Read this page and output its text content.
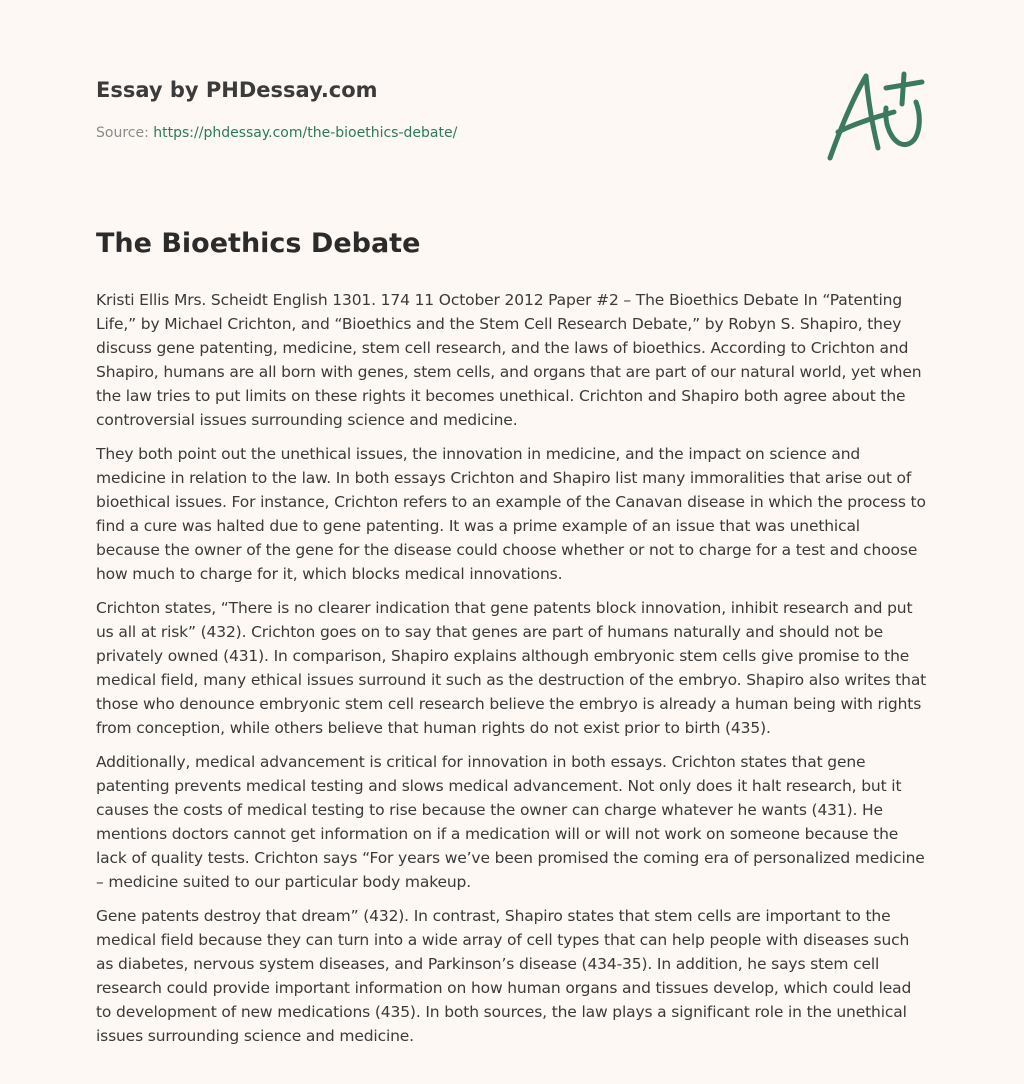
Essay by PHDessay.com
Source: https://phdessay.com/the-bioethics-debate/
The Bioethics Debate

Kristi Ellis Mrs. Scheidt English 1301. 174 11 October 2012 Paper #2 – The Bioethics Debate In “Patenting Life,” by Michael Crichton, and “Bioethics and the Stem Cell Research Debate,” by Robyn S. Shapiro, they discuss gene patenting, medicine, stem cell research, and the laws of bioethics. According to Crichton and Shapiro, humans are all born with genes, stem cells, and organs that are part of our natural world, yet when the law tries to put limits on these rights it becomes unethical. Crichton and Shapiro both agree about the controversial issues surrounding science and medicine.

They both point out the unethical issues, the innovation in medicine, and the impact on science and medicine in relation to the law. In both essays Crichton and Shapiro list many immoralities that arise out of bioethical issues. For instance, Crichton refers to an example of the Canavan disease in which the process to find a cure was halted due to gene patenting. It was a prime example of an issue that was unethical because the owner of the gene for the disease could choose whether or not to charge for a test and choose how much to charge for it, which blocks medical innovations.

Crichton states, “There is no clearer indication that gene patents block innovation, inhibit research and put us all at risk” (432). Crichton goes on to say that genes are part of humans naturally and should not be privately owned (431). In comparison, Shapiro explains although embryonic stem cells give promise to the medical field, many ethical issues surround it such as the destruction of the embryo. Shapiro also writes that those who denounce embryonic stem cell research believe the embryo is already a human being with rights from conception, while others believe that human rights do not exist prior to birth (435).

Additionally, medical advancement is critical for innovation in both essays. Crichton states that gene patenting prevents medical testing and slows medical advancement. Not only does it halt research, but it causes the costs of medical testing to rise because the owner can charge whatever he wants (431). He mentions doctors cannot get information on if a medication will or will not work on someone because the lack of quality tests. Crichton says “For years we’ve been promised the coming era of personalized medicine – medicine suited to our particular body makeup.

Gene patents destroy that dream” (432). In contrast, Shapiro states that stem cells are important to the medical field because they can turn into a wide array of cell types that can help people with diseases such as diabetes, nervous system diseases, and Parkinson’s disease (434-35). In addition, he says stem cell research could provide important information on how human organs and tissues develop, which could lead to development of new medications (435). In both sources, the law plays a significant role in the unethical issues surrounding science and medicine.
